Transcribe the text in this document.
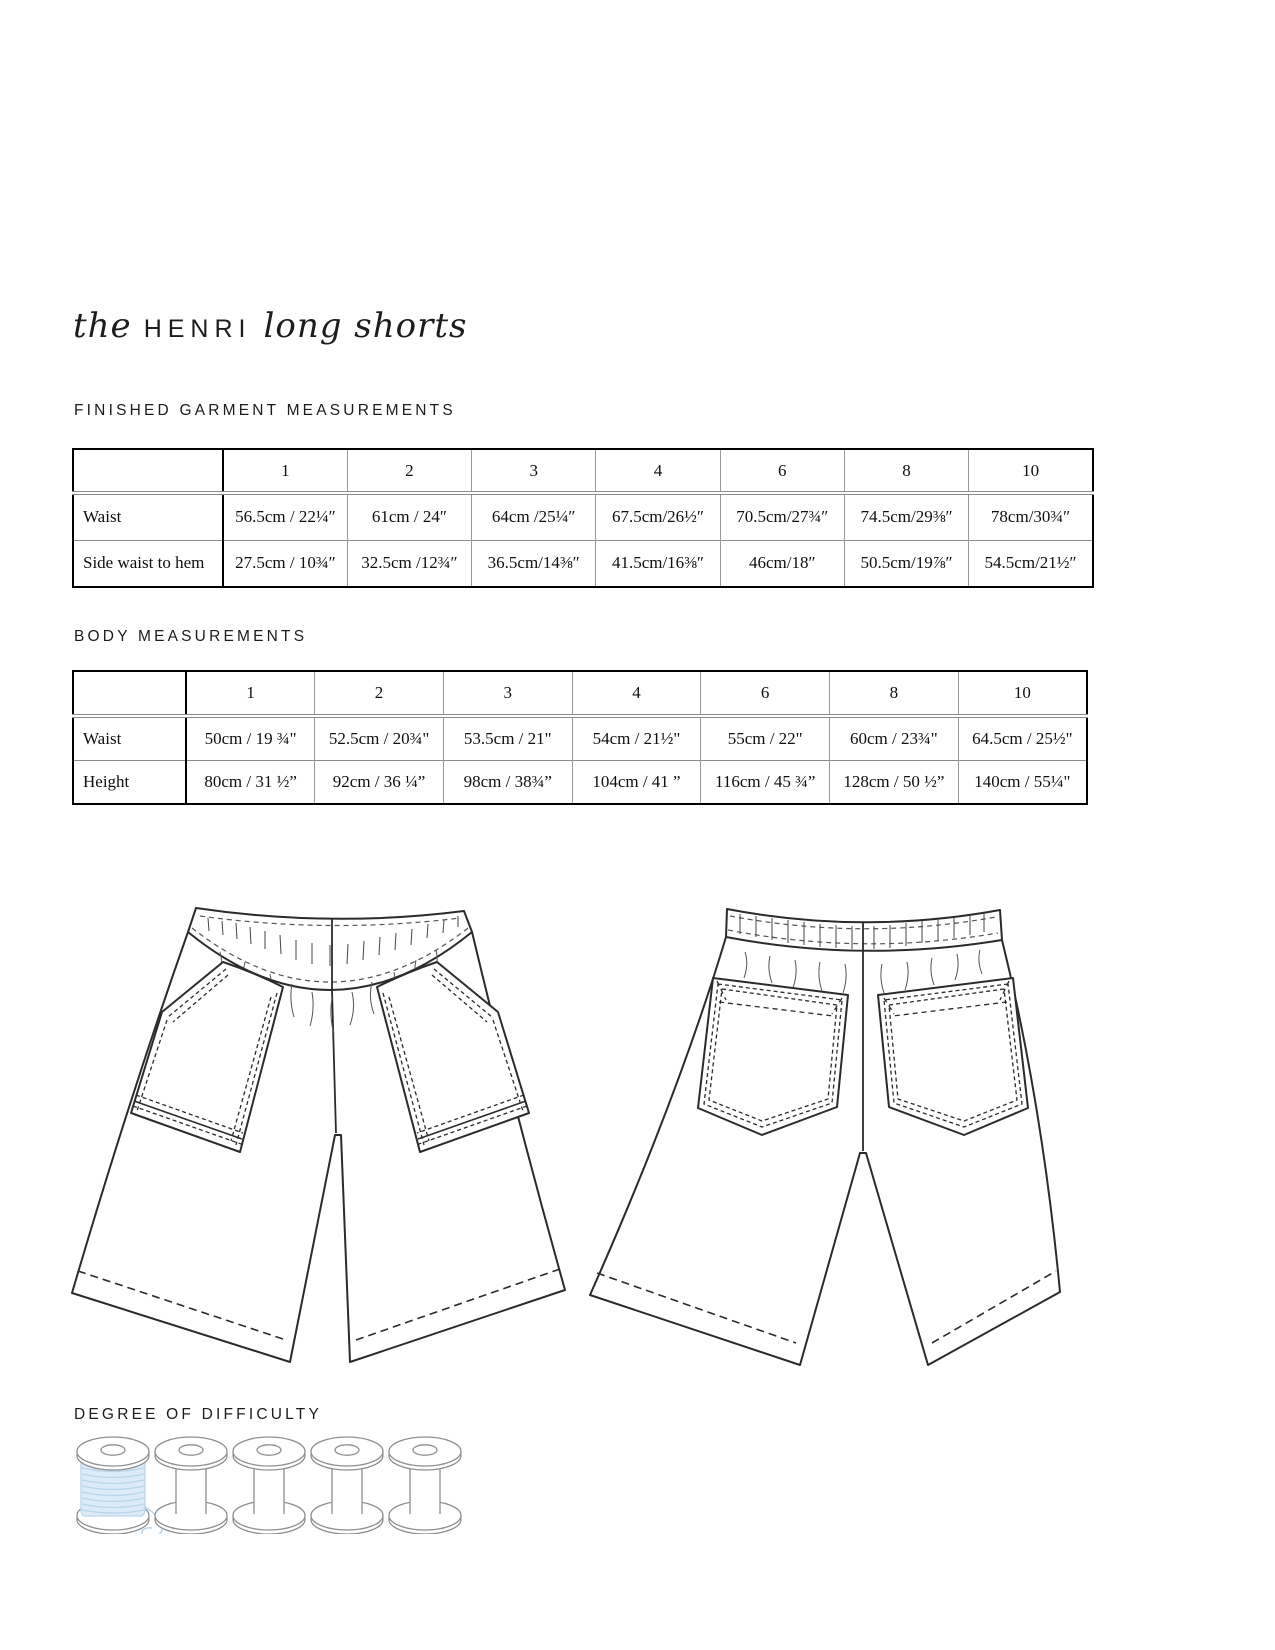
the HENRI long shorts
FINISHED GARMENT MEASUREMENTS
	1	2	3	4	6	8	10
Waist	56.5cm / 22¼″	61cm / 24″	64cm /25¼″	67.5cm/26½″	70.5cm/27¾″	74.5cm/29⅜″	78cm/30¾″
Side waist to hem	27.5cm / 10¾″	32.5cm /12¾″	36.5cm/14⅜″	41.5cm/16⅜″	46cm/18″	50.5cm/19⅞″	54.5cm/21½″
BODY MEASUREMENTS
	1	2	3	4	6	8	10
Waist	50cm / 19 ¾"	52.5cm / 20¾"	53.5cm / 21"	54cm / 21½"	55cm / 22"	60cm / 23¾"	64.5cm / 25½"
Height	80cm / 31 ½”	92cm / 36 ¼”	98cm / 38¾”	104cm / 41 ”	116cm / 45 ¾”	128cm / 50 ½”	140cm / 55¼"
DEGREE OF DIFFICULTY
